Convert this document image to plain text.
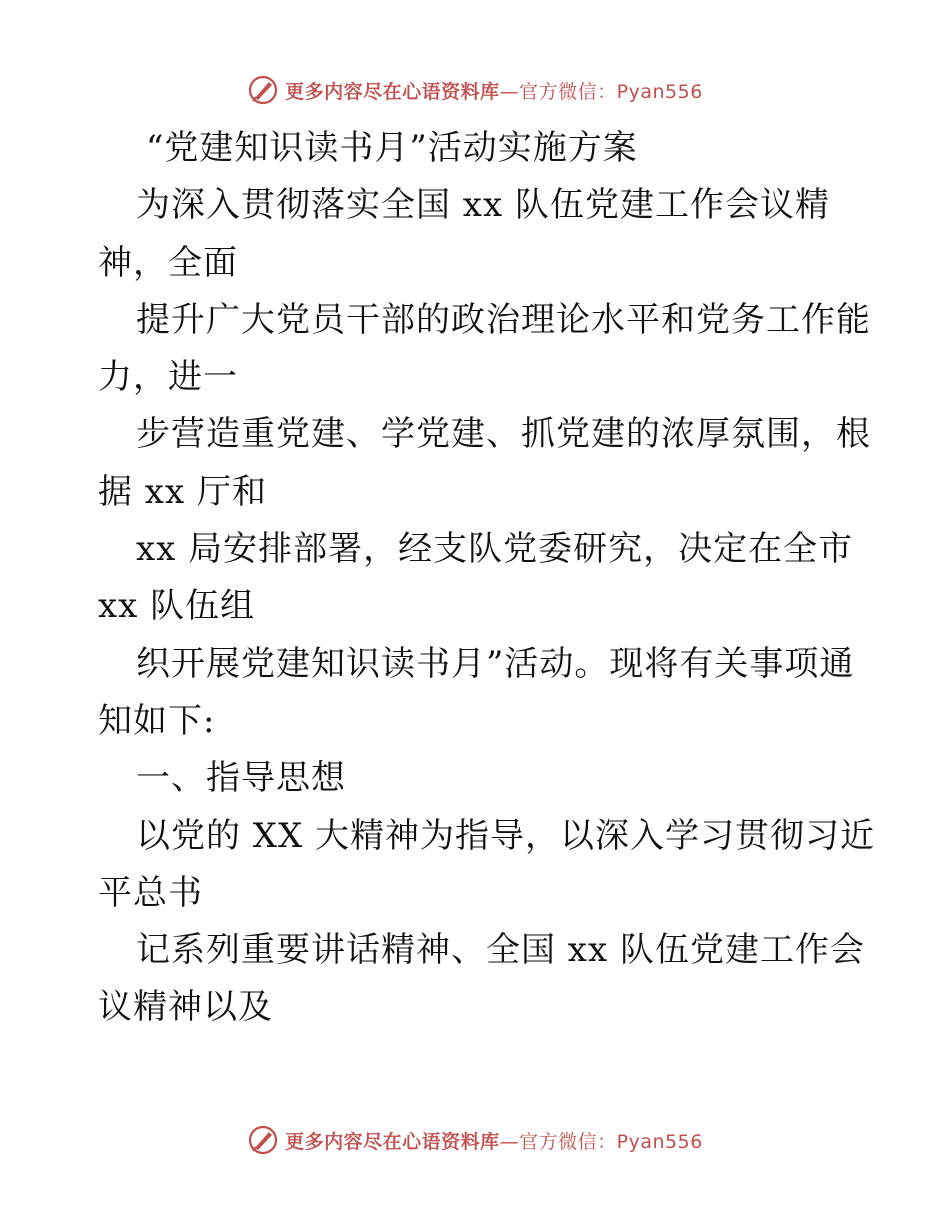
更多内容尽在心语资料库—官方微信：Pyan556
“党建知识读书月”活动实施方案
为深入贯彻落实全国 xx 队伍党建工作会议精
神，全面
提升广大党员干部的政治理论水平和党务工作能
力，进一
步营造重党建、学党建、抓党建的浓厚氛围，根
据 xx 厅和
xx 局安排部署，经支队党委研究，决定在全市
xx 队伍组
织开展党建知识读书月”活动。现将有关事项通
知如下:
一、指导思想
以党的 XX 大精神为指导，以深入学习贯彻习近
平总书
记系列重要讲话精神、全国 xx 队伍党建工作会
议精神以及
更多内容尽在心语资料库—官方微信：Pyan556
